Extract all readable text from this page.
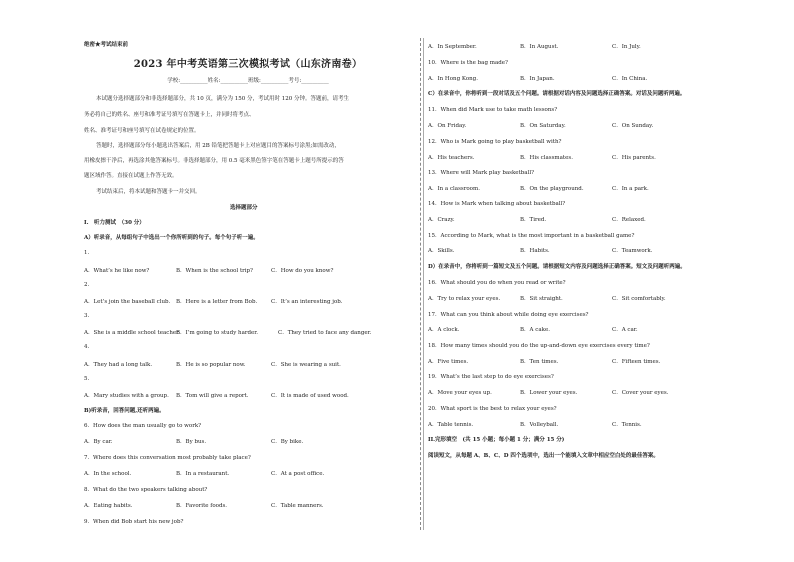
绝密★考试结束前
2023 年中考英语第三次模拟考试（山东济南卷）
学校:__________姓名:__________班级:__________考号:__________
本试题分选择题部分和非选择题部分，共 10 页，满分为 150 分，考试用时 120 分钟。答题前，请考生
务必将自己的姓名、座号和准考证号填写在答题卡上，并同时将考点、
姓名、准考证号和座号填写在试卷规定的位置。
答题时，选择题部分每小题选出答案后，用 2B 铅笔把答题卡上对应题目的答案标号涂黑;如需改动，
用橡皮擦干净后，再选涂其他答案标号。非选择题部分，用 0.5 毫米黑色签字笔在答题卡上题号所提示的答
题区域作答。直接在试题上作答无效。
考试结束后，将本试题和答题卡一并交回。
选择题部分
I.　听力测试　（30 分）
A）听录音，从每组句子中选出一个你所听到的句子。每个句子听一遍。
1.
A．What’s he like now?	B．When is the school trip?	C．How do you know?
2.
A．Let’s join the baseball club. B．Here is a letter from Bob.	C．It’s an interesting job.
3.
A．She is a middle school teacher.
B．I’m going to study harder.	C．They tried to face any danger.
4.
A．They had a long talk.	B．He is so popular now.	C．She is wearing a suit.
5.
A．Mary studies with a group. B．Tom will give a report.	C．It is made of used wood.
B)听录音，回答问题,还听两遍。
6．How does the man usually go to work?
A．By car.	B．By bus.	C．By bike.
7．Where does this conversation most probably take place?
A．In the school.	B．In a restaurant.	C．At a post office.
8．What do the two speakers talking about?
A．Eating habits.	B．Favorite foods.	C．Table manners.
9．When did Bob start his new job?
A．In September.	B．In August.	C．In July.
10．Where is the bag made?
A．In Hong Kong.	B．In Japan.	C．In China.
C）在录音中，你将听到一段对话及五个问题。请根据对话内容及问题选择正确答案。对话及问题听两遍。
11．When did Mark use to take math lessons?
A．On Friday.	B．On Saturday.	C．On Sunday.
12．Who is Mark going to play basketball with?
A．His teachers.	B．His classmates.	C．His parents.
13．Where will Mark play basketball?
A．In a classroom.	B．On the playground.	C．In a park.
14．How is Mark when talking about basketball?
A．Crazy.	B．Tired.	C．Relaxed.
15．According to Mark, what is the most important in a basketball game?
A．Skills.	B．Habits.	C．Teamwork.
D）在录音中，你将听到一篇短文及五个问题。请根据短文内容及问题选择正确答案。短文及问题听两遍。
16．What should you do when you read or write?
A．Try to relax your eyes.	B．Sit straight.	C．Sit comfortably.
17．What can you think about while doing eye exercises?
A．A clock.	B．A cake.	C．A car.
18．How many times should you do the up-and-down eye exercises every time?
A．Five times.	B．Ten times.	C．Fifteen times.
19．What’s the last step to do eye exercises?
A．Move your eyes up.	B．Lower your eyes.	C．Cover your eyes.
20．What sport is the best to relax your eyes?
A．Table tennis.	B．Volleyball.	C．Tennis.
II.完形填空　(共 15 小题；每小题 1 分；满分 15 分)
阅读短文，从每题 A、B、C、D 四个选项中，选出一个能填入文章中相应空白处的最佳答案。
